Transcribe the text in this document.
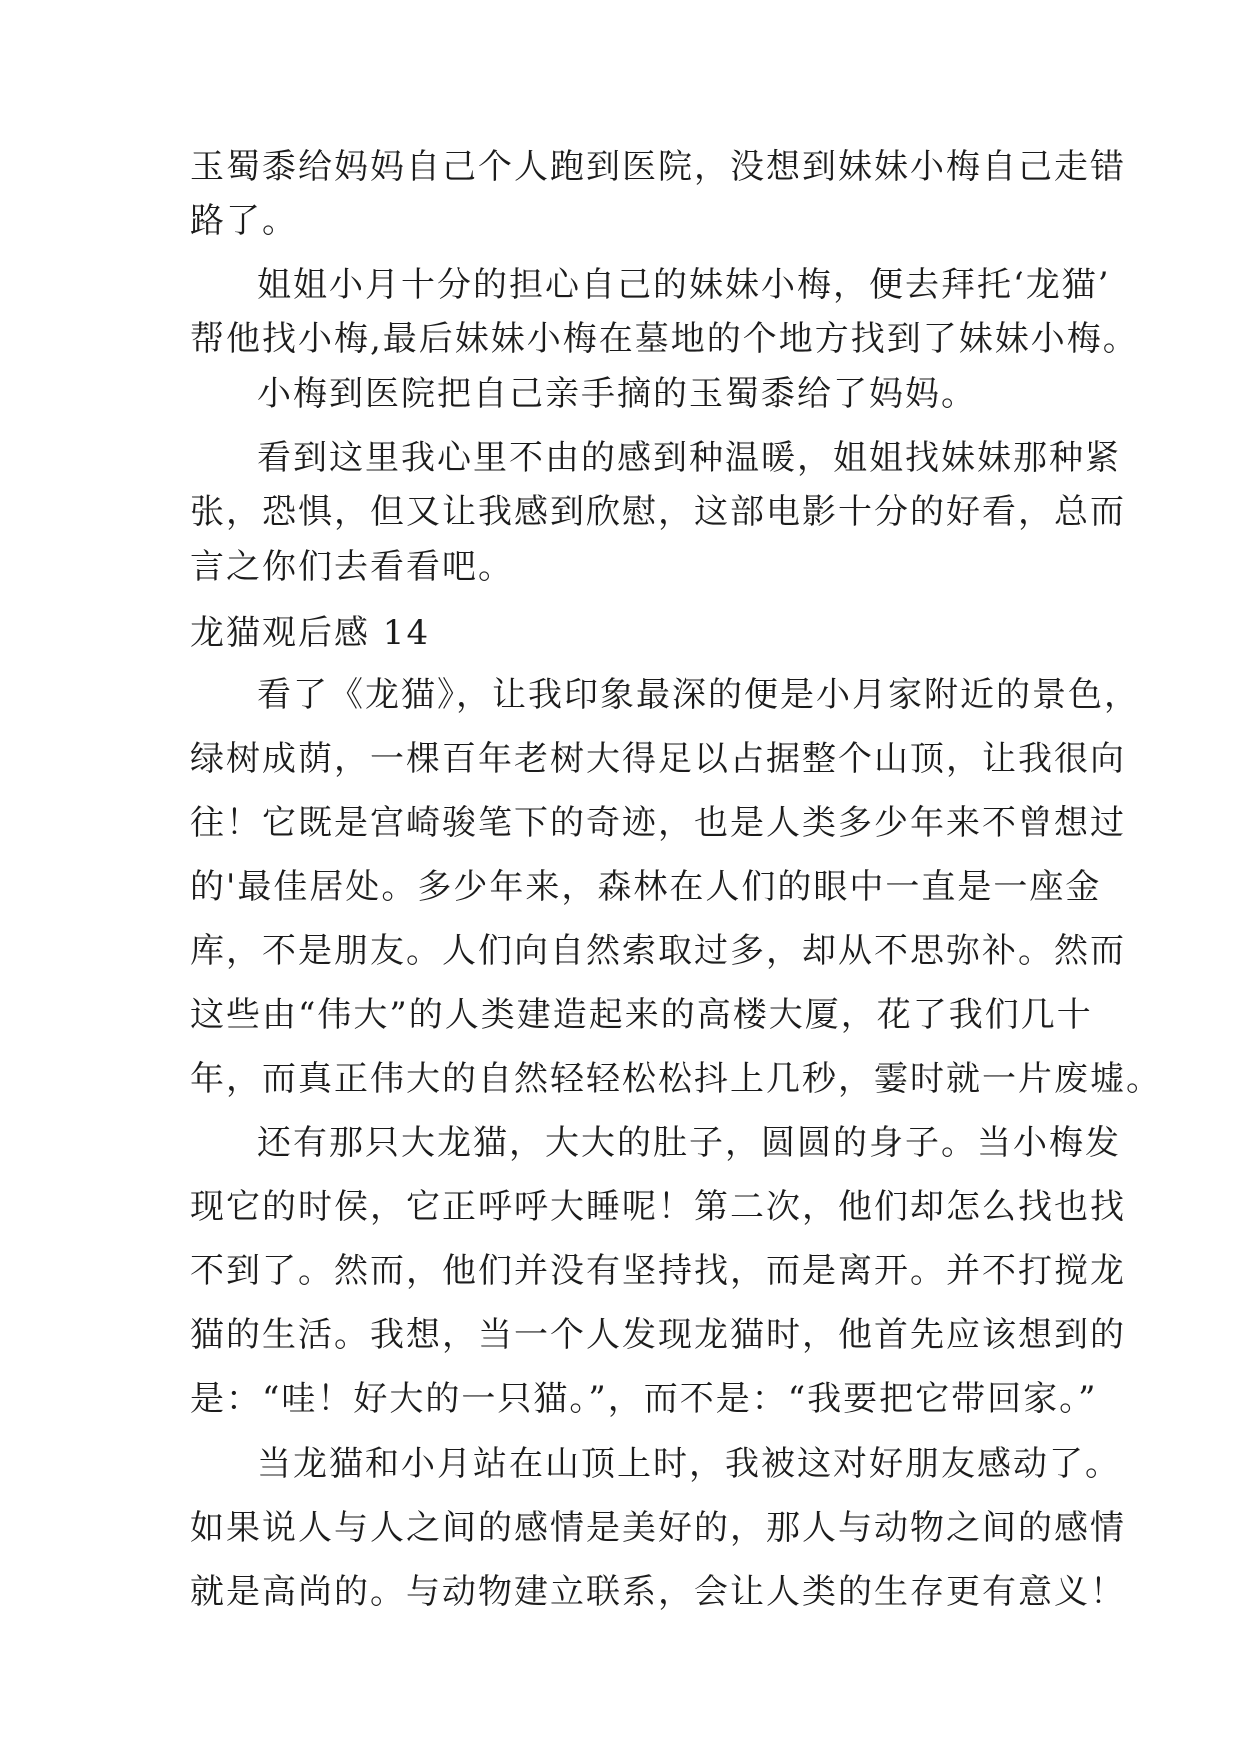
玉蜀黍给妈妈自己个人跑到医院，没想到妹妹小梅自己走错
路了。
姐姐小月十分的担心自己的妹妹小梅，便去拜托‘龙猫’
帮他找小梅,最后妹妹小梅在墓地的个地方找到了妹妹小梅。
小梅到医院把自己亲手摘的玉蜀黍给了妈妈。
看到这里我心里不由的感到种温暖，姐姐找妹妹那种紧
张，恐惧，但又让我感到欣慰，这部电影十分的好看，总而
言之你们去看看吧。
龙猫观后感 14
看了《龙猫》，让我印象最深的便是小月家附近的景色，
绿树成荫，一棵百年老树大得足以占据整个山顶，让我很向
往！它既是宫崎骏笔下的奇迹，也是人类多少年来不曾想过
的'最佳居处。多少年来，森林在人们的眼中一直是一座金
库，不是朋友。人们向自然索取过多，却从不思弥补。然而
这些由“伟大”的人类建造起来的高楼大厦，花了我们几十
年，而真正伟大的自然轻轻松松抖上几秒，霎时就一片废墟。
还有那只大龙猫，大大的肚子，圆圆的身子。当小梅发
现它的时侯，它正呼呼大睡呢！第二次，他们却怎么找也找
不到了。然而，他们并没有坚持找，而是离开。并不打搅龙
猫的生活。我想，当一个人发现龙猫时，他首先应该想到的
是：“哇！好大的一只猫。”，而不是：“我要把它带回家。”
当龙猫和小月站在山顶上时，我被这对好朋友感动了。
如果说人与人之间的感情是美好的，那人与动物之间的感情
就是高尚的。与动物建立联系，会让人类的生存更有意义！
